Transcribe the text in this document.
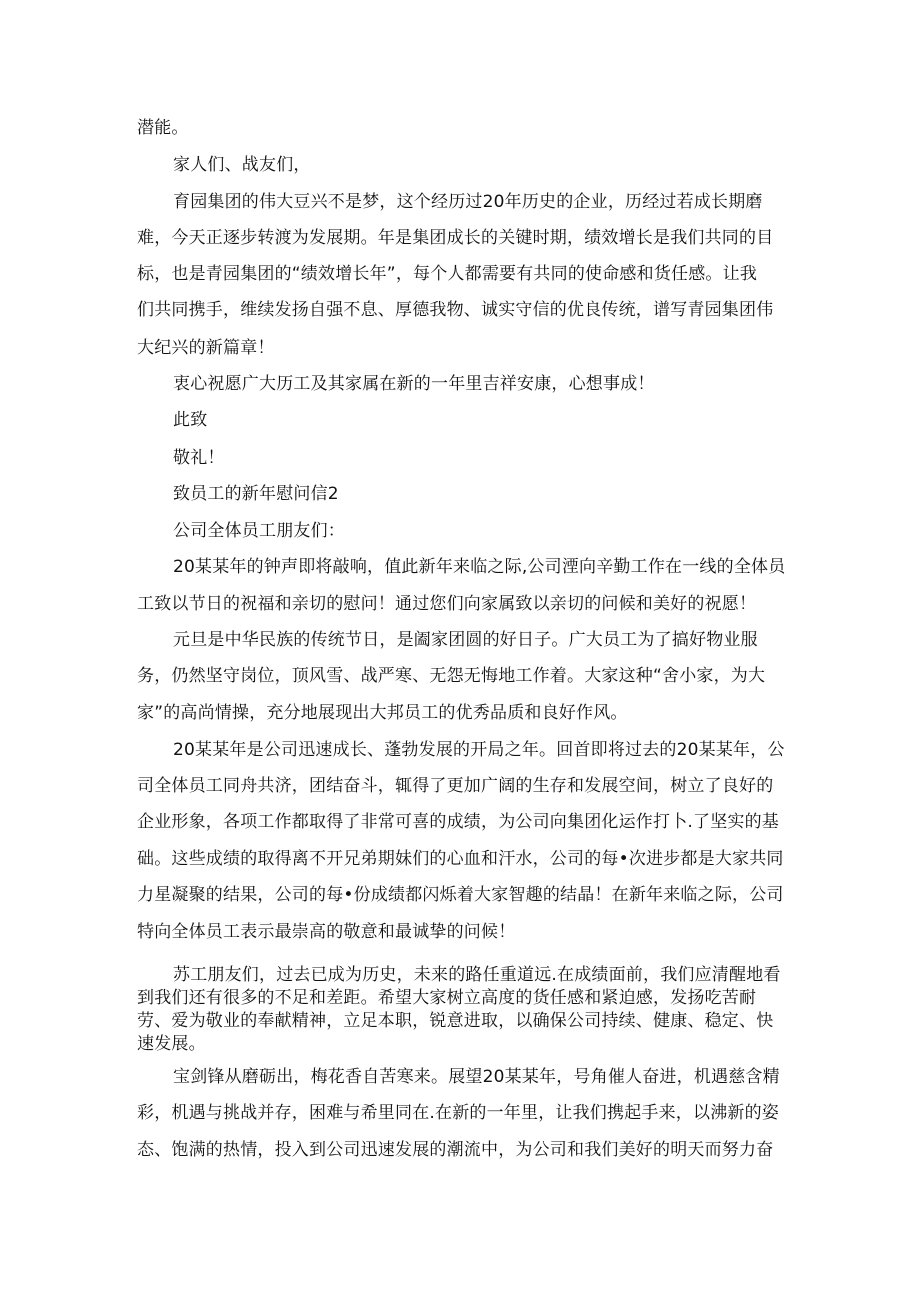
潜能。

家人们、战友们，

育园集团的伟大豆兴不是梦，这个经历过20年历史的企业，历经过若成长期磨

难，今天正逐步转渡为发展期。年是集团成长的关键时期，绩效增长是我们共同的目

标，也是青园集团的“绩效增长年”，每个人都需要有共同的使命感和货任感。让我

们共同携手，维续发扬自强不息、厚德我物、诚实守信的优良传统，谱写青园集团伟

大纪兴的新篇章！

衷心祝愿广大历工及其家属在新的一年里吉祥安康，心想事成！

此致

敬礼！

致员工的新年慰问信2

公司全体员工朋友们：

20某某年的钟声即将敲响，值此新年来临之际,公司湮向辛勤工作在一线的全体员

工致以节日的祝福和亲切的慰问！通过您们向家属致以亲切的问候和美好的祝愿！

元旦是中华民族的传统节日，是阖家团圆的好日子。广大员工为了搞好物业服

务，仍然坚守岗位，顶风雪、战严寒、无怨无悔地工作着。大家这种“舍小家，为大

家”的高尚情操，充分地展现出大邦员工的优秀品质和良好作风。

20某某年是公司迅速成长、蓬勃发展的开局之年。回首即将过去的20某某年，公

司全体员工同舟共济，团结奋斗，辄得了更加广阔的生存和发展空间，树立了良好的

企业形象，各项工作都取得了非常可喜的成绩，为公司向集团化运作打卜.了坚实的基

础。这些成绩的取得离不开兄弟期妹们的心血和汗水，公司的每•次进步都是大家共同

力星凝聚的结果，公司的每•份成绩都闪烁着大家智趣的结晶！在新年来临之际，公司

特向全体员工表示最崇高的敬意和最诚挚的问候！

苏工朋友们，过去已成为历史，未来的路任重道远.在成绩面前，我们应清醒地看

到我们还有很多的不足和差距。希望大家树立高度的货任感和紧迫感，发扬吃苦耐

劳、爱为敬业的奉献精神，立足本职，锐意进取，以确保公司持续、健康、稳定、快

速发展。

宝剑锋从磨砺出，梅花香自苦寒来。展望20某某年，号角催人奋进，机遇慈含精

彩，机遇与挑战并存，困难与希里同在.在新的一年里，让我们携起手来，以沸新的姿

态、饱满的热情，投入到公司迅速发展的潮流中，为公司和我们美好的明天而努力奋
